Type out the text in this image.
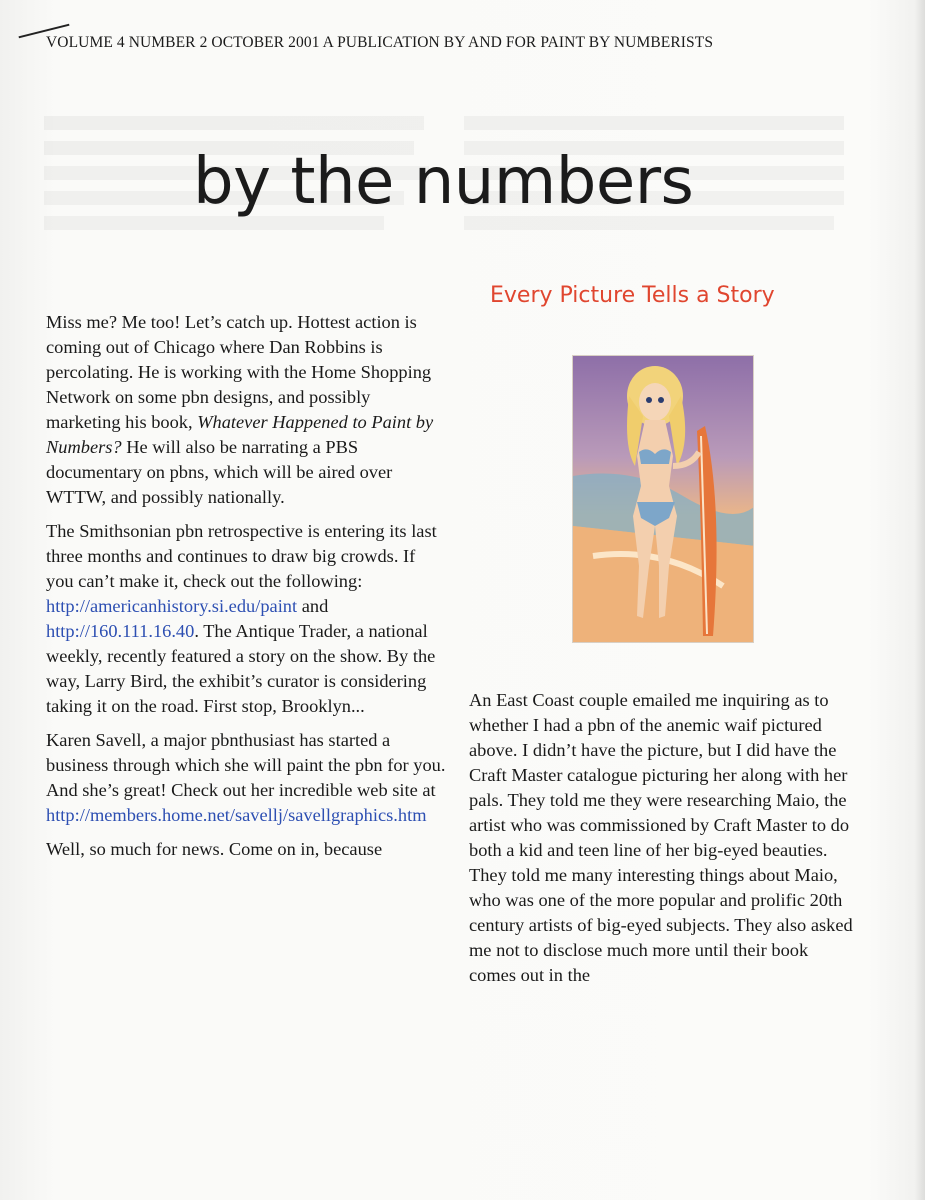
VOLUME 4 NUMBER 2 OCTOBER 2001 A PUBLICATION BY AND FOR PAINT BY NUMBERISTS
by the numbers
Every Picture Tells a Story

Miss me? Me too! Let’s catch up. Hottest action is coming out of Chicago where Dan Robbins is percolating. He is working with the Home Shopping Network on some pbn designs, and possibly marketing his book, Whatever Happened to Paint by Numbers? He will also be narrating a PBS documentary on pbns, which will be aired over WTTW, and possibly nationally.

The Smithsonian pbn retrospective is entering its last three months and continues to draw big crowds. If you can’t make it, check out the following: http://americanhistory.si.edu/paint and http://160.111.16.40. The Antique Trader, a national weekly, recently featured a story on the show. By the way, Larry Bird, the exhibit’s curator is considering taking it on the road. First stop, Brooklyn...

Karen Savell, a major pbnthusiast has started a business through which she will paint the pbn for you. And she’s great! Check out her incredible web site at http://members.home.net/savellj/savellgraphics.htm

Well, so much for news. Come on in, because

An East Coast couple emailed me inquiring as to whether I had a pbn of the anemic waif pictured above. I didn’t have the picture, but I did have the Craft Master catalogue picturing her along with her pals. They told me they were researching Maio, the artist who was commissioned by Craft Master to do both a kid and teen line of her big-eyed beauties. They told me many interesting things about Maio, who was one of the more popular and prolific 20th century artists of big-eyed subjects. They also asked me not to disclose much more until their book comes out in the
